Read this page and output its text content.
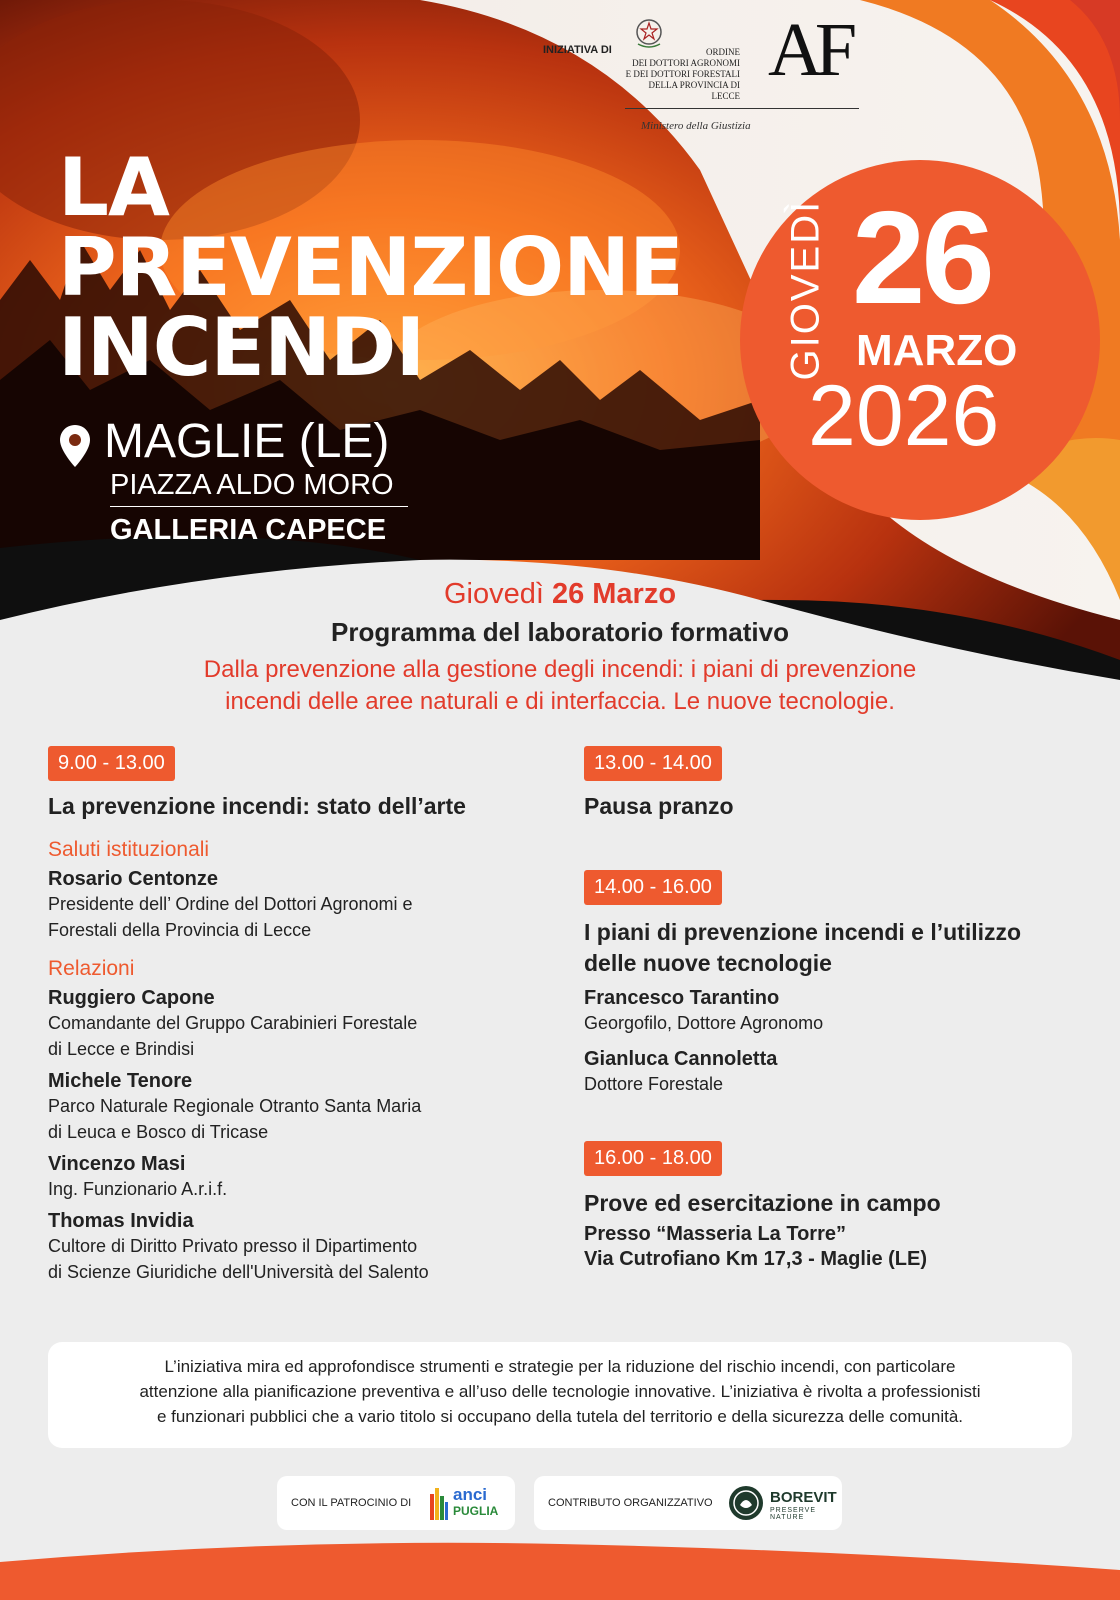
INIZIATIVA DI	ORDINE
DEI DOTTORI AGRONOMI
E DEI DOTTORI FORESTALI
DELLA PROVINCIA DI LECCE
AF
Ministero della Giustizia
LA
PREVENZIONE
INCENDI
MAGLIE (LE)
PIAZZA ALDO MORO
GALLERIA CAPECE
GIOVEDÌ 26
MARZO
2026
Giovedì 26 Marzo
Programma del laboratorio formativo
Dalla prevenzione alla gestione degli incendi: i piani di prevenzione
incendi delle aree naturali e di interfaccia. Le nuove tecnologie.
9.00 - 13.00
La prevenzione incendi: stato dell’arte
Saluti istituzionali
Rosario Centonze
Presidente dell’ Ordine del Dottori Agronomi e
Forestali della Provincia di Lecce
Relazioni
Ruggiero Capone
Comandante del Gruppo Carabinieri Forestale
di Lecce e Brindisi
Michele Tenore
Parco Naturale Regionale Otranto Santa Maria
di Leuca e Bosco di Tricase
Vincenzo Masi
Ing. Funzionario A.r.i.f.
Thomas Invidia
Cultore di Diritto Privato presso il Dipartimento
di Scienze Giuridiche dell'Università del Salento
13.00 - 14.00
Pausa pranzo
14.00 - 16.00
I piani di prevenzione incendi e l’utilizzo
delle nuove tecnologie
Francesco Tarantino
Georgofilo, Dottore Agronomo
Gianluca Cannoletta
Dottore Forestale
16.00 - 18.00
Prove ed esercitazione in campo
Presso “Masseria La Torre”
Via Cutrofiano Km 17,3 - Maglie (LE)
L’iniziativa mira ed approfondisce strumenti e strategie per la riduzione del rischio incendi, con particolare
attenzione alla pianificazione preventiva e all’uso delle tecnologie innovative. L’iniziativa è rivolta a professionisti
e funzionari pubblici che a vario titolo si occupano della tutela del territorio e della sicurezza delle comunità.
CON IL PATROCINIO DI anci
PUGLIA
CONTRIBUTO ORGANIZZATIVO	BOREVIT
PRESERVE NATURE
